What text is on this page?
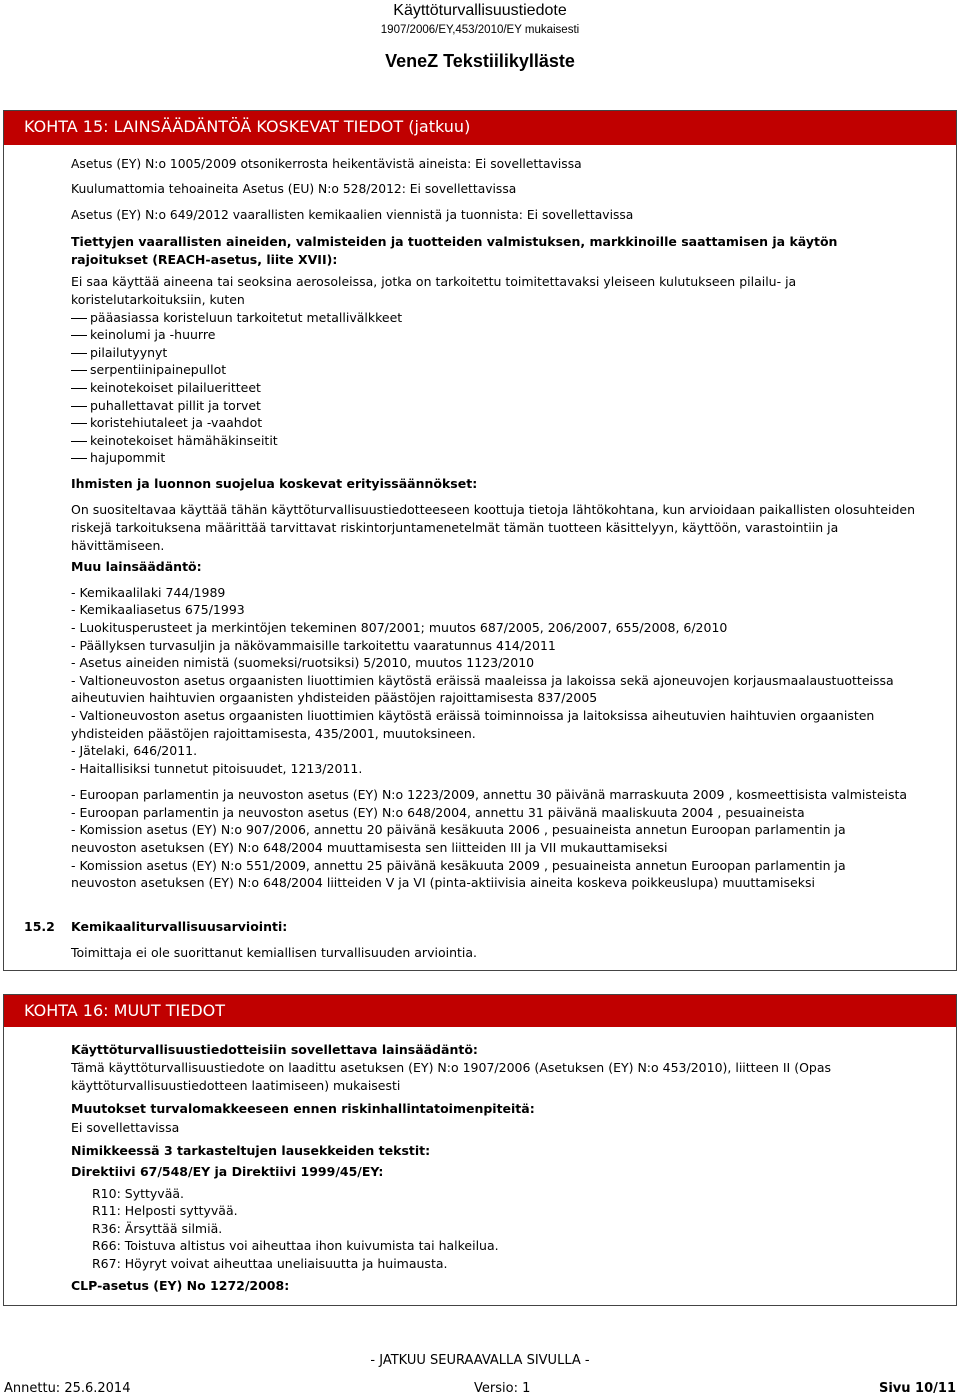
Käyttöturvallisuustiedote
1907/2006/EY,453/2010/EY mukaisesti
VeneZ Tekstiilikylläste
KOHTA 15: LAINSÄÄDÄNTÖÄ KOSKEVAT TIEDOT (jatkuu)
Asetus (EY) N:o 1005/2009 otsonikerrosta heikentävistä aineista: Ei sovellettavissa
Kuulumattomia tehoaineita Asetus (EU) N:o 528/2012: Ei sovellettavissa
Asetus (EY) N:o 649/2012 vaarallisten kemikaalien viennistä ja tuonnista: Ei sovellettavissa
Tiettyjen vaarallisten aineiden, valmisteiden ja tuotteiden valmistuksen, markkinoille saattamisen ja käytön
rajoitukset (REACH-asetus, liite XVII):
Ei saa käyttää aineena tai seoksina aerosoleissa, jotka on tarkoitettu toimitettavaksi yleiseen kulutukseen pilailu- ja
koristelutarkoituksiin, kuten
pääasiassa koristeluun tarkoitetut metallivälkkeet
keinolumi ja -huurre
pilailutyynyt
serpentiinipainepullot
keinotekoiset pilailueritteet
puhallettavat pillit ja torvet
koristehiutaleet ja -vaahdot
keinotekoiset hämähäkinseitit
hajupommit
Ihmisten ja luonnon suojelua koskevat erityissäännökset:
On suositeltavaa käyttää tähän käyttöturvallisuustiedotteeseen koottuja tietoja lähtökohtana, kun arvioidaan paikallisten olosuhteiden
riskejä tarkoituksena määrittää tarvittavat riskintorjuntamenetelmät tämän tuotteen käsittelyyn, käyttöön, varastointiin ja
hävittämiseen.
Muu lainsäädäntö:
- Kemikaalilaki 744/1989
- Kemikaaliasetus 675/1993
- Luokitusperusteet ja merkintöjen tekeminen 807/2001; muutos 687/2005, 206/2007, 655/2008, 6/2010
- Päällyksen turvasuljin ja näkövammaisille tarkoitettu vaaratunnus 414/2011
- Asetus aineiden nimistä (suomeksi/ruotsiksi) 5/2010, muutos 1123/2010
- Valtioneuvoston asetus orgaanisten liuottimien käytöstä eräissä maaleissa ja lakoissa sekä ajoneuvojen korjausmaalaustuotteissa
aiheutuvien haihtuvien orgaanisten yhdisteiden päästöjen rajoittamisesta 837/2005
- Valtioneuvoston asetus orgaanisten liuottimien käytöstä eräissä toiminnoissa ja laitoksissa aiheutuvien haihtuvien orgaanisten
yhdisteiden päästöjen rajoittamisesta, 435/2001, muutoksineen.
- Jätelaki, 646/2011.
- Haitallisiksi tunnetut pitoisuudet, 1213/2011.
- Euroopan parlamentin ja neuvoston asetus (EY) N:o 1223/2009, annettu 30 päivänä marraskuuta 2009 , kosmeettisista valmisteista
- Euroopan parlamentin ja neuvoston asetus (EY) N:o 648/2004, annettu 31 päivänä maaliskuuta 2004 , pesuaineista
- Komission asetus (EY) N:o 907/2006, annettu 20 päivänä kesäkuuta 2006 , pesuaineista annetun Euroopan parlamentin ja
neuvoston asetuksen (EY) N:o 648/2004 muuttamisesta sen liitteiden III ja VII mukauttamiseksi
- Komission asetus (EY) N:o 551/2009, annettu 25 päivänä kesäkuuta 2009 , pesuaineista annetun Euroopan parlamentin ja
neuvoston asetuksen (EY) N:o 648/2004 liitteiden V ja VI (pinta-aktiivisia aineita koskeva poikkeuslupa) muuttamiseksi
15.2 Kemikaaliturvallisuusarviointi:
Toimittaja ei ole suorittanut kemiallisen turvallisuuden arviointia.
KOHTA 16: MUUT TIEDOT
Käyttöturvallisuustiedotteisiin sovellettava lainsäädäntö:
Tämä käyttöturvallisuustiedote on laadittu asetuksen (EY) N:o 1907/2006 (Asetuksen (EY) N:o 453/2010), liitteen II (Opas
käyttöturvallisuustiedotteen laatimiseen) mukaisesti
Muutokset turvalomakkeeseen ennen riskinhallintatoimenpiteitä:
Ei sovellettavissa
Nimikkeessä 3 tarkasteltujen lausekkeiden tekstit:
Direktiivi 67/548/EY ja Direktiivi 1999/45/EY:
R10: Syttyvää.
R11: Helposti syttyvää.
R36: Ärsyttää silmiä.
R66: Toistuva altistus voi aiheuttaa ihon kuivumista tai halkeilua.
R67: Höyryt voivat aiheuttaa uneliaisuutta ja huimausta.
CLP-asetus (EY) No 1272/2008:
- JATKUU SEURAAVALLA SIVULLA -
Annettu: 25.6.2014	Versio: 1	Sivu 10/11
